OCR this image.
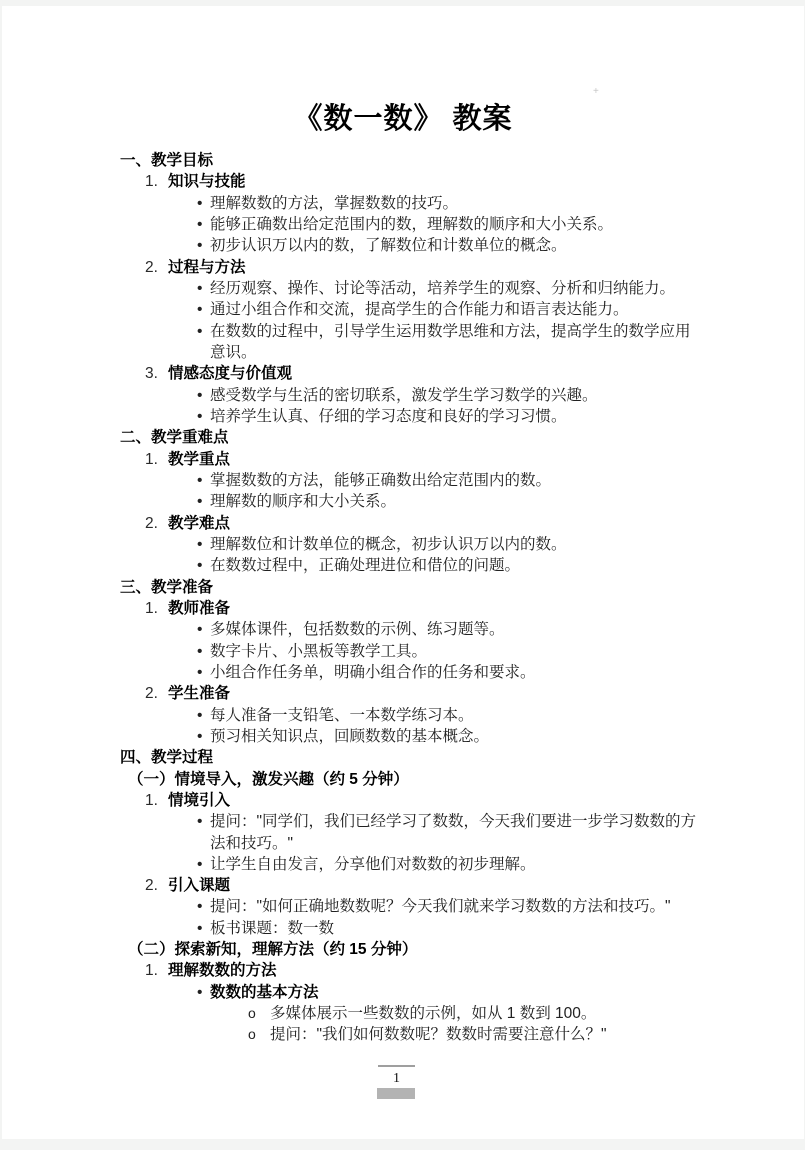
+
《数一数》 教案
一、教学目标
1. 知识与技能
• 理解数数的方法，掌握数数的技巧。
• 能够正确数出给定范围内的数，理解数的顺序和大小关系。
• 初步认识万以内的数，了解数位和计数单位的概念。
2. 过程与方法
• 经历观察、操作、讨论等活动，培养学生的观察、分析和归纳能力。
• 通过小组合作和交流，提高学生的合作能力和语言表达能力。
• 在数数的过程中，引导学生运用数学思维和方法，提高学生的数学应用意识。
3. 情感态度与价值观
• 感受数学与生活的密切联系，激发学生学习数学的兴趣。
• 培养学生认真、仔细的学习态度和良好的学习习惯。
二、教学重难点
1. 教学重点
• 掌握数数的方法，能够正确数出给定范围内的数。
• 理解数的顺序和大小关系。
2. 教学难点
• 理解数位和计数单位的概念，初步认识万以内的数。
• 在数数过程中，正确处理进位和借位的问题。
三、教学准备
1. 教师准备
• 多媒体课件，包括数数的示例、练习题等。
• 数字卡片、小黑板等教学工具。
• 小组合作任务单，明确小组合作的任务和要求。
2. 学生准备
• 每人准备一支铅笔、一本数学练习本。
• 预习相关知识点，回顾数数的基本概念。
四、教学过程
（一）情境导入，激发兴趣（约 5 分钟）
1. 情境引入
• 提问："同学们，我们已经学习了数数，今天我们要进一步学习数数的方法和技巧。"
• 让学生自由发言，分享他们对数数的初步理解。
2. 引入课题
• 提问："如何正确地数数呢？今天我们就来学习数数的方法和技巧。"
• 板书课题：数一数
（二）探索新知，理解方法（约 15 分钟）
1. 理解数数的方法
• 数数的基本方法
o 多媒体展示一些数数的示例，如从 1 数到 100。
o 提问："我们如何数数呢？数数时需要注意什么？"
1
